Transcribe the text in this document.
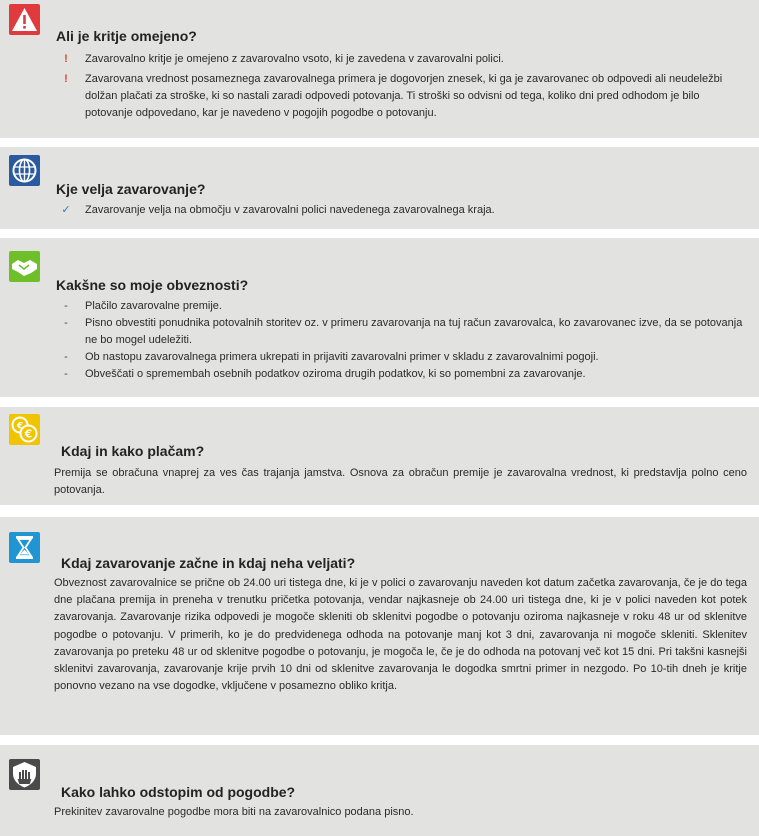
Ali je kritje omejeno?
!	Zavarovalno kritje je omejeno z zavarovalno vsoto, ki je zavedena v zavarovalni polici.
!	Zavarovana vrednost posameznega zavarovalnega primera je dogovorjen znesek, ki ga je zavarovanec ob odpovedi ali neudeležbi dolžan plačati za stroške, ki so nastali zaradi odpovedi potovanja. Ti stroški so odvisni od tega, koliko dni pred odhodom je bilo potovanje odpovedano, kar je navedeno v pogojih pogodbe o potovanju.
Kje velja zavarovanje?
✓ Zavarovanje velja na območju v zavarovalni polici navedenega zavarovalnega kraja.
Kakšne so moje obveznosti?
-	Plačilo zavarovalne premije.
-	Pisno obvestiti ponudnika potovalnih storitev oz. v primeru zavarovanja na tuj račun zavarovalca, ko zavarovanec izve, da se potovanja ne bo mogel udeležiti.
-	Ob nastopu zavarovalnega primera ukrepati in prijaviti zavarovalni primer v skladu z zavarovalnimi pogoji.
-	Obveščati o spremembah osebnih podatkov oziroma drugih podatkov, ki so pomembni za zavarovanje.
€
€
Kdaj in kako plačam?

Premija se obračuna vnaprej za ves čas trajanja jamstva. Osnova za obračun premije je zavarovalna vrednost, ki predstavlja polno ceno potovanja.

Kdaj zavarovanje začne in kdaj neha veljati?

Obveznost zavarovalnice se prične ob 24.00 uri tistega dne, ki je v polici o zavarovanju naveden kot datum začetka zavarovanja, če je do tega dne plačana premija in preneha v trenutku pričetka potovanja, vendar najkasneje ob 24.00 uri tistega dne, ki je v polici naveden kot potek zavarovanja. Zavarovanje rizika odpovedi je mogoče skleniti ob sklenitvi pogodbe o potovanju oziroma najkasneje v roku 48 ur od sklenitve pogodbe o potovanju. V primerih, ko je do predvidenega odhoda na potovanje manj kot 3 dni, zavarovanja ni mogoče skleniti. Sklenitev zavarovanja po preteku 48 ur od sklenitve pogodbe o potovanju, je mogoča le, če je do odhoda na potovanj več kot 15 dni. Pri takšni kasnejši sklenitvi zavarovanja, zavarovanje krije prvih 10 dni od sklenitve zavarovanja le dogodka smrtni primer in nezgodo. Po 10-tih dneh je kritje ponovno vezano na vse dogodke, vključene v posamezno obliko kritja.

Kako lahko odstopim od pogodbe?

Prekinitev zavarovalne pogodbe mora biti na zavarovalnico podana pisno.
